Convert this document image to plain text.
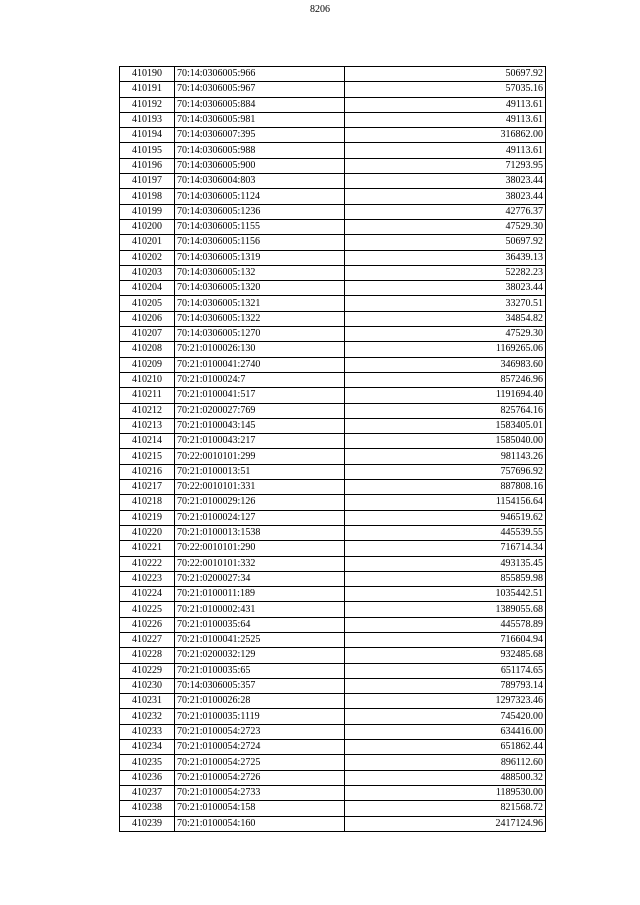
8206
410190	70:14:0306005:966	50697.92
410191	70:14:0306005:967	57035.16
410192	70:14:0306005:884	49113.61
410193	70:14:0306005:981	49113.61
410194	70:14:0306007:395	316862.00
410195	70:14:0306005:988	49113.61
410196	70:14:0306005:900	71293.95
410197	70:14:0306004:803	38023.44
410198	70:14:0306005:1124	38023.44
410199	70:14:0306005:1236	42776.37
410200	70:14:0306005:1155	47529.30
410201	70:14:0306005:1156	50697.92
410202	70:14:0306005:1319	36439.13
410203	70:14:0306005:132	52282.23
410204	70:14:0306005:1320	38023.44
410205	70:14:0306005:1321	33270.51
410206	70:14:0306005:1322	34854.82
410207	70:14:0306005:1270	47529.30
410208	70:21:0100026:130	1169265.06
410209	70:21:0100041:2740	346983.60
410210	70:21:0100024:7	857246.96
410211	70:21:0100041:517	1191694.40
410212	70:21:0200027:769	825764.16
410213	70:21:0100043:145	1583405.01
410214	70:21:0100043:217	1585040.00
410215	70:22:0010101:299	981143.26
410216	70:21:0100013:51	757696.92
410217	70:22:0010101:331	887808.16
410218	70:21:0100029:126	1154156.64
410219	70:21:0100024:127	946519.62
410220	70:21:0100013:1538	445539.55
410221	70:22:0010101:290	716714.34
410222	70:22:0010101:332	493135.45
410223	70:21:0200027:34	855859.98
410224	70:21:0100011:189	1035442.51
410225	70:21:0100002:431	1389055.68
410226	70:21:0100035:64	445578.89
410227	70:21:0100041:2525	716604.94
410228	70:21:0200032:129	932485.68
410229	70:21:0100035:65	651174.65
410230	70:14:0306005:357	789793.14
410231	70:21:0100026:28	1297323.46
410232	70:21:0100035:1119	745420.00
410233	70:21:0100054:2723	634416.00
410234	70:21:0100054:2724	651862.44
410235	70:21:0100054:2725	896112.60
410236	70:21:0100054:2726	488500.32
410237	70:21:0100054:2733	1189530.00
410238	70:21:0100054:158	821568.72
410239	70:21:0100054:160	2417124.96
